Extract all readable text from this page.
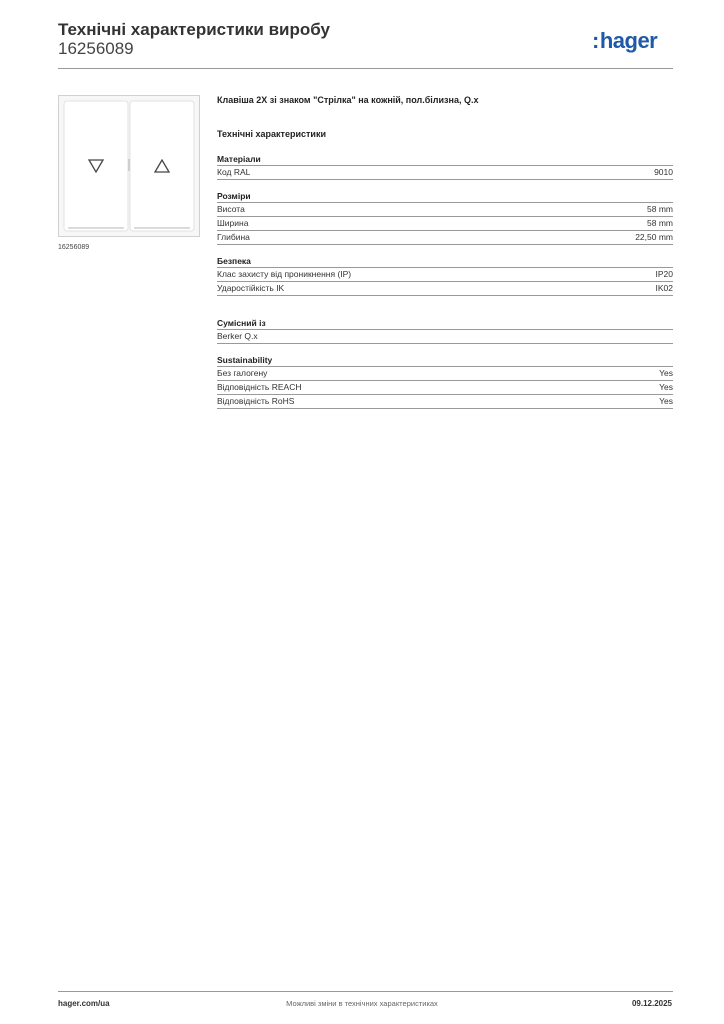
Технічні характеристики виробу
16256089	:hager
16256089
Клавіша 2Х зі знаком "Стрілка" на кожній, пол.білизна, Q.x
Технічні характеристики
Матеріали
Код RAL	9010
Розміри
Висота	58 mm
Ширина	58 mm
Глибина	22,50 mm
Безпека
Клас захисту від проникнення (IP)	IP20
Ударостійкість IK	IK02
Сумісний із
Berker Q.x
Sustainability
Без галогену	Yes
Відповідність REACH	Yes
Відповідність RoHS	Yes
hager.com/ua	Можливі зміни в технічних характеристиках	09.12.2025
